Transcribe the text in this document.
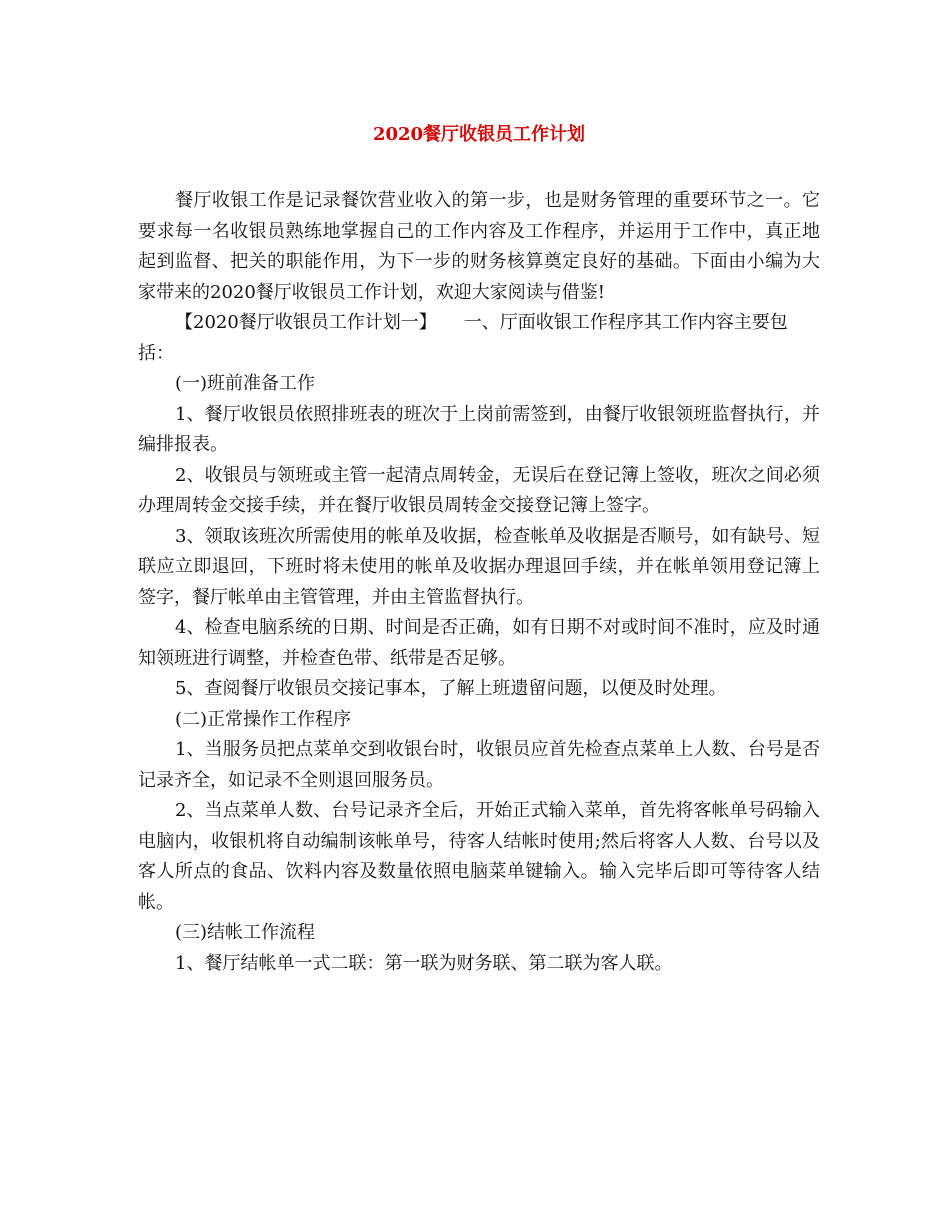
2020餐厅收银员工作计划

餐厅收银工作是记录餐饮营业收入的第一步，也是财务管理的重要环节之一。它要求每一名收银员熟练地掌握自己的工作内容及工作程序，并运用于工作中，真正地起到监督、把关的职能作用，为下一步的财务核算奠定良好的基础。下面由小编为大家带来的2020餐厅收银员工作计划，欢迎大家阅读与借鉴!

【2020餐厅收银员工作计划一】　　一、厅面收银工作程序其工作内容主要包括：

(一)班前准备工作

1、餐厅收银员依照排班表的班次于上岗前需签到，由餐厅收银领班监督执行，并编排报表。

2、收银员与领班或主管一起清点周转金，无误后在登记簿上签收，班次之间必须办理周转金交接手续，并在餐厅收银员周转金交接登记簿上签字。

3、领取该班次所需使用的帐单及收据，检查帐单及收据是否顺号，如有缺号、短联应立即退回，下班时将未使用的帐单及收据办理退回手续，并在帐单领用登记簿上签字，餐厅帐单由主管管理，并由主管监督执行。

4、检查电脑系统的日期、时间是否正确，如有日期不对或时间不准时，应及时通知领班进行调整，并检查色带、纸带是否足够。

5、查阅餐厅收银员交接记事本，了解上班遗留问题，以便及时处理。

(二)正常操作工作程序

1、当服务员把点菜单交到收银台时，收银员应首先检查点菜单上人数、台号是否记录齐全，如记录不全则退回服务员。

2、当点菜单人数、台号记录齐全后，开始正式输入菜单，首先将客帐单号码输入电脑内，收银机将自动编制该帐单号，待客人结帐时使用;然后将客人人数、台号以及客人所点的食品、饮料内容及数量依照电脑菜单键输入。输入完毕后即可等待客人结帐。

(三)结帐工作流程

1、餐厅结帐单一式二联：第一联为财务联、第二联为客人联。
